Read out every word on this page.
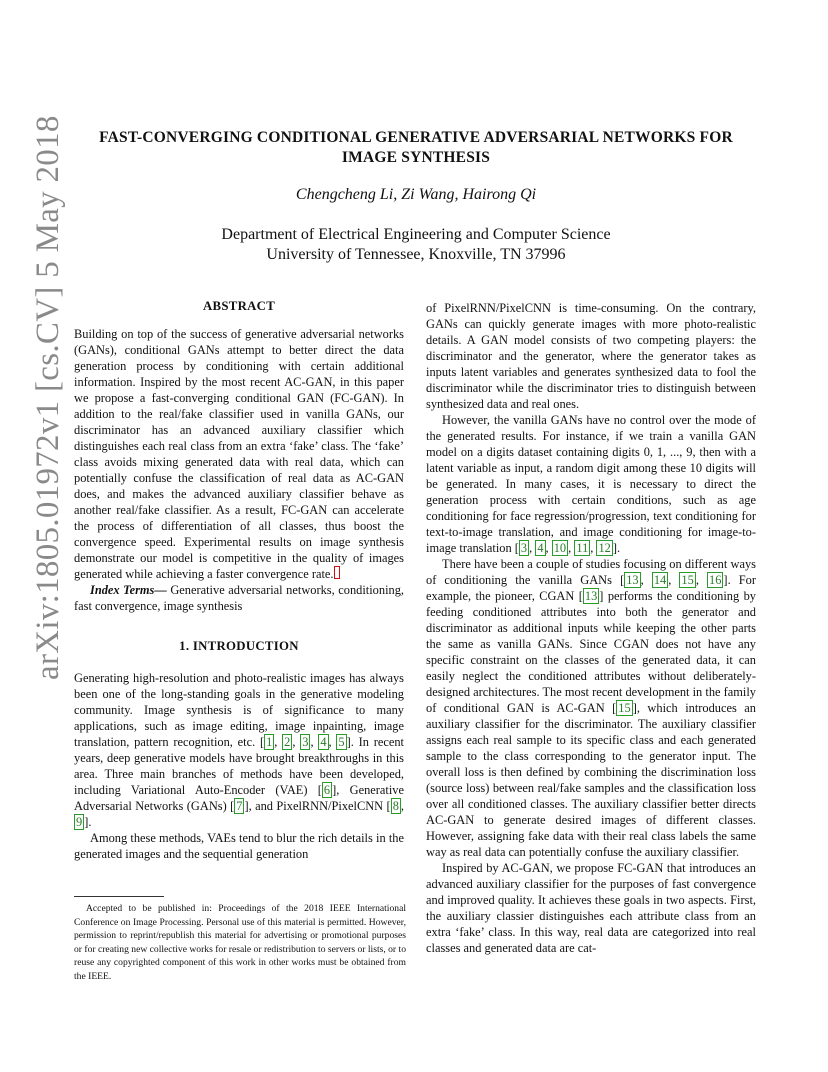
arXiv:1805.01972v1 [cs.CV] 5 May 2018	FAST-CONVERGING CONDITIONAL GENERATIVE ADVERSARIAL NETWORKS FOR
IMAGE SYNTHESIS
Chengcheng Li, Zi Wang, Hairong Qi
Department of Electrical Engineering and Computer Science
University of Tennessee, Knoxville, TN 37996
ABSTRACT

Building on top of the success of generative adversarial networks (GANs), conditional GANs attempt to better direct the data generation process by conditioning with certain additional information. Inspired by the most recent AC-GAN, in this paper we propose a fast-converging conditional GAN (FC-GAN). In addition to the real/fake classifier used in vanilla GANs, our discriminator has an advanced auxiliary classifier which distinguishes each real class from an extra ‘fake’ class. The ‘fake’ class avoids mixing generated data with real data, which can potentially confuse the classification of real data as AC-GAN does, and makes the advanced auxiliary classifier behave as another real/fake classifier. As a result, FC-GAN can accelerate the process of differentiation of all classes, thus boost the convergence speed. Experimental results on image synthesis demonstrate our model is competitive in the quality of images generated while achieving a faster convergence rate.

Index Terms— Generative adversarial networks, conditioning, fast convergence, image synthesis

1. INTRODUCTION

Generating high-resolution and photo-realistic images has always been one of the long-standing goals in the generative modeling community. Image synthesis is of significance to many applications, such as image editing, image inpainting, image translation, pattern recognition, etc. [ 1 , 2 , 3 , 4 , 5 ]. In recent years, deep generative models have brought breakthroughs in this area. Three main branches of methods have been developed, including Variational Auto-Encoder (VAE) [ 6 ], Generative Adversarial Networks (GANs) [ 7 ], and PixelRNN/PixelCNN [ 8 , 9 ].

Among these methods, VAEs tend to blur the rich details in the generated images and the sequential generation

of PixelRNN/PixelCNN is time-consuming. On the contrary, GANs can quickly generate images with more photo-realistic details. A GAN model consists of two competing players: the discriminator and the generator, where the generator takes as inputs latent variables and generates synthesized data to fool the discriminator while the discriminator tries to distinguish between synthesized data and real ones.

However, the vanilla GANs have no control over the mode of the generated results. For instance, if we train a vanilla GAN model on a digits dataset containing digits 0, 1, ..., 9, then with a latent variable as input, a random digit among these 10 digits will be generated. In many cases, it is necessary to direct the generation process with certain conditions, such as age conditioning for face regression/progression, text conditioning for text-to-image translation, and image conditioning for image-to-image translation [ 3 , 4 , 10 , 11 , 12 ].

There have been a couple of studies focusing on different ways of conditioning the vanilla GANs [ 13 , 14 , 15 , 16 ]. For example, the pioneer, CGAN [ 13 ] performs the conditioning by feeding conditioned attributes into both the generator and discriminator as additional inputs while keeping the other parts the same as vanilla GANs. Since CGAN does not have any specific constraint on the classes of the generated data, it can easily neglect the conditioned attributes without deliberately-designed architectures. The most recent development in the family of conditional GAN is AC-GAN [ 15 ], which introduces an auxiliary classifier for the discriminator. The auxiliary classifier assigns each real sample to its specific class and each generated sample to the class corresponding to the generator input. The overall loss is then defined by combining the discrimination loss (source loss) between real/fake samples and the classification loss over all conditioned classes. The auxiliary classifier better directs AC-GAN to generate desired images of different classes. However, assigning fake data with their real class labels the same way as real data can potentially confuse the auxiliary classifier.

Inspired by AC-GAN, we propose FC-GAN that introduces an advanced auxiliary classifier for the purposes of fast convergence and improved quality. It achieves these goals in two aspects. First, the auxiliary classier distinguishes each attribute class from an extra ‘fake’ class. In this way, real data are categorized into real classes and generated data are cat-

Accepted to be published in: Proceedings of the 2018 IEEE International Conference on Image Processing. Personal use of this material is permitted. However, permission to reprint/republish this material for advertising or promotional purposes or for creating new collective works for resale or redistribution to servers or lists, or to reuse any copyrighted component of this work in other works must be obtained from the IEEE.
